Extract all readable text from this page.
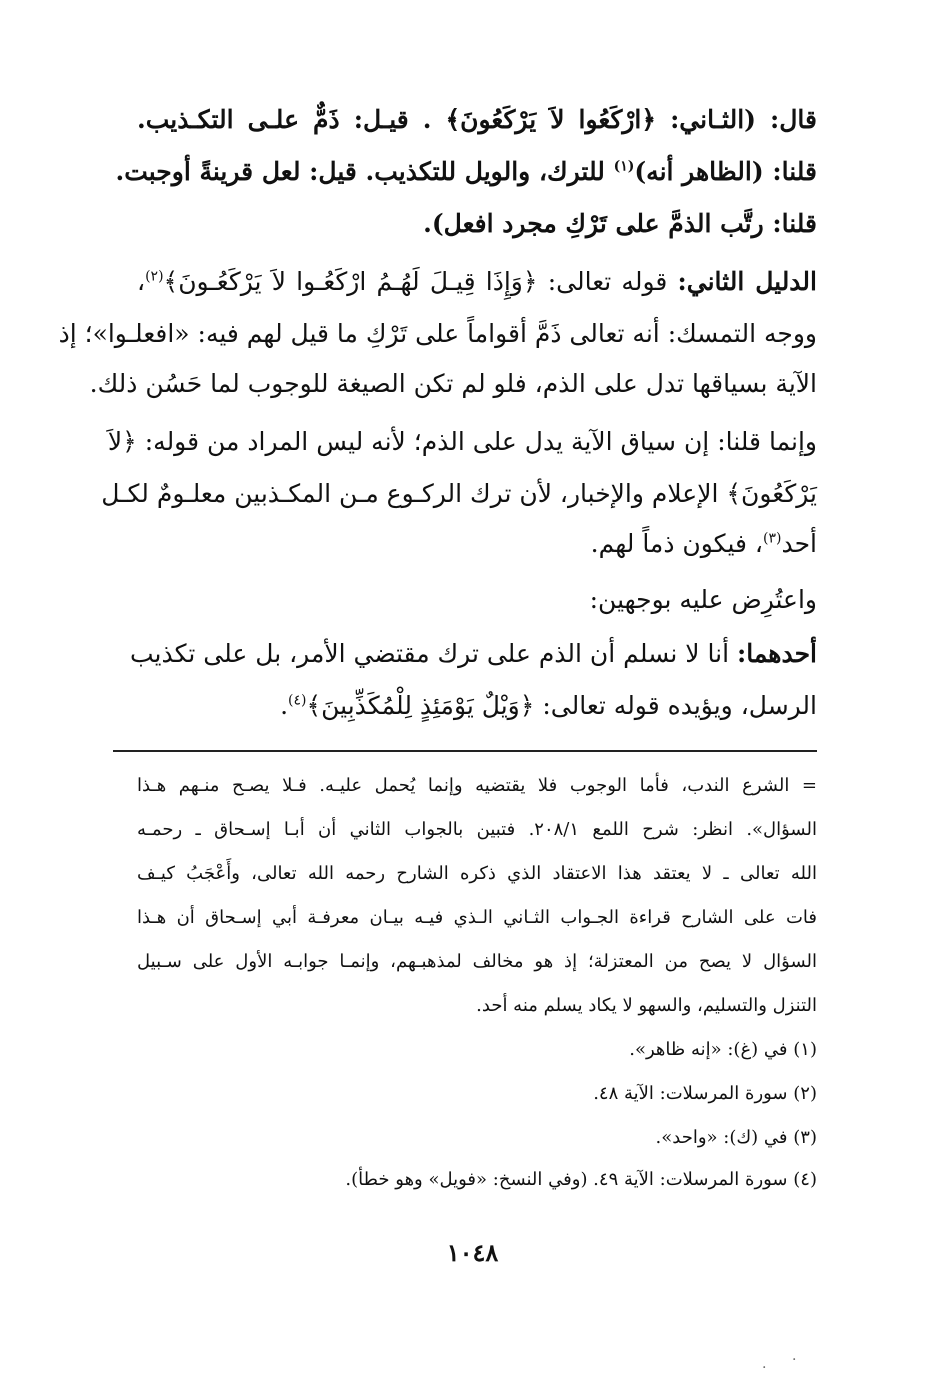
قال: (الثـاني: ﴿ارْكَعُوا لاَ يَرْكَعُونَ﴾ . قيـل: ذَمٌّ علـى التكـذيب.
قلنا: (الظاهر أنه)$^{(١)}$ للترك، والويل للتكذيب. قيل: لعل قرينةً أوجبت.
قلنا: رتَّب الذمَّ على تَرْكِ مجرد افعل).
الدليل الثاني: قوله تعالى: ﴿وَإِذَا قِيـلَ لَهُـمُ ارْكَعُـوا لاَ يَرْكَعُـونَ﴾$^{(٢)}$،
ووجه التمسك: أنه تعالى ذَمَّ أقواماً على تَرْكِ ما قيل لهم فيه: «افعلـوا»؛ إذ
الآية بسياقها تدل على الذم، فلو لم تكن الصيغة للوجوب لما حَسُن ذلك.
وإنما قلنا: إن سياق الآية يدل على الذم؛ لأنه ليس المراد من قوله: ﴿لاَ
يَرْكَعُونَ﴾ الإعلام والإخبار، لأن ترك الركـوع مـن المكـذبين معلـومٌ لكـل
أحد$^{(٣)}$، فيكون ذماً لهم.
واعتُرِض عليه بوجهين:
أحدهما: أنا لا نسلم أن الذم على ترك مقتضي الأمر، بل على تكذيب
الرسل، ويؤيده قوله تعالى: ﴿وَيْلٌ يَوْمَئِذٍ لِلْمُكَذِّبِينَ﴾$^{(٤)}$.
= الشرع الندب، فأما الوجوب فلا يقتضيه وإنما يُحمل عليـه. فـلا يصـح منـهم هـذا
السؤال». انظر: شرح اللمع ٢٠٨/١. فتبين بالجواب الثاني أن أبـا إسـحاق ـ رحمـه
الله تعالى ـ لا يعتقد هذا الاعتقاد الذي ذكره الشارح رحمه الله تعالى، وأَعْجَبُ كيـف
فات على الشارح قراءة الجـواب الثـاني الـذي فيـه بيـان معرفـة أبي إسـحاق أن هـذا
السؤال لا يصح من المعتزلة؛ إذ هو مخالف لمذهبـهم، وإنمـا جوابـه الأول على سـبيل
التنزل والتسليم، والسهو لا يكاد يسلم منه أحد.
(١) في (غ): «إنه ظاهر».
(٢) سورة المرسلات: الآية ٤٨.
(٣) في (ك): «واحد».
(٤) سورة المرسلات: الآية ٤٩. (وفي النسخ: «فويل» وهو خطأ).
١٠٤٨
·
.
